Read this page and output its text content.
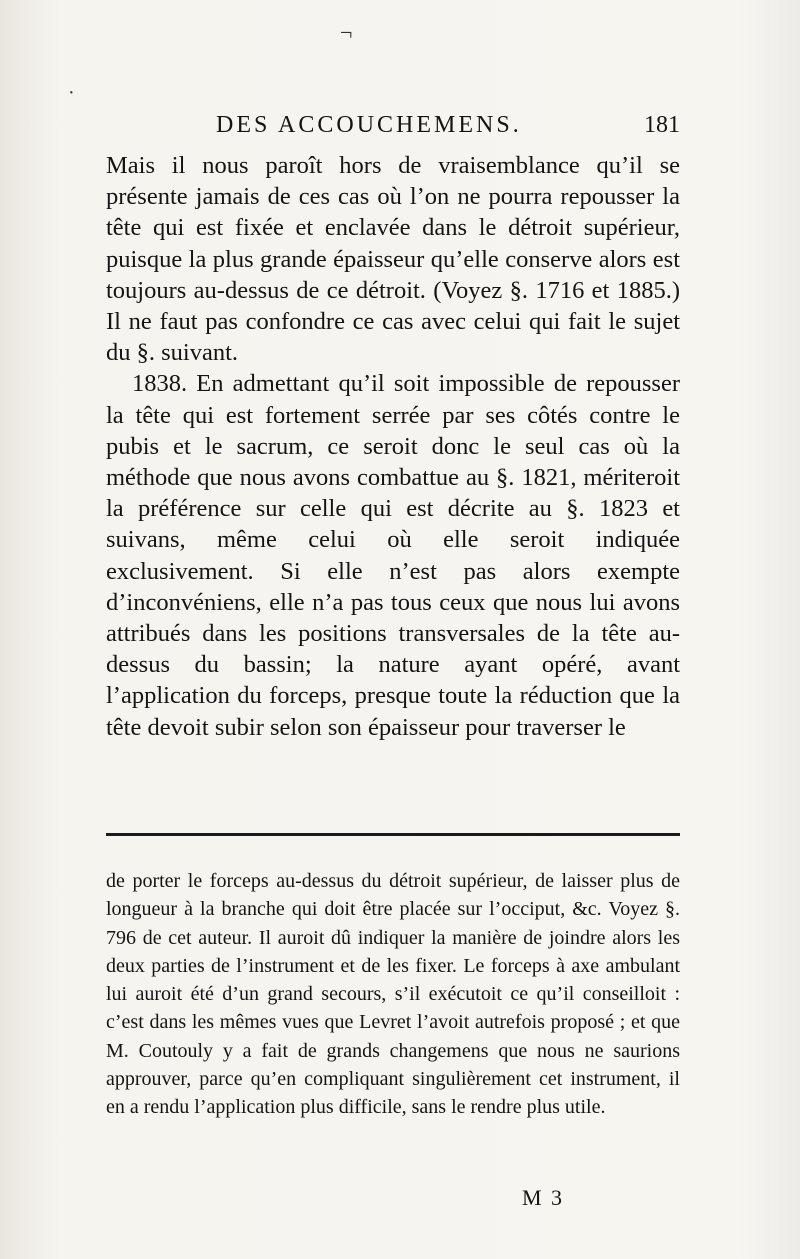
¬
·
DES ACCOUCHEMENS.	181

Mais il nous paroît hors de vraisemblance qu’il se présente jamais de ces cas où l’on ne pourra repousser la tête qui est fixée et enclavée dans le détroit supérieur, puisque la plus grande épaisseur qu’elle conserve alors est toujours au-dessus de ce détroit. (Voyez §. 1716 et 1885.) Il ne faut pas confondre ce cas avec celui qui fait le sujet du §. suivant.

1838. En admettant qu’il soit impossible de repousser la tête qui est fortement serrée par ses côtés contre le pubis et le sacrum, ce seroit donc le seul cas où la méthode que nous avons combattue au §. 1821, mériteroit la préférence sur celle qui est décrite au §. 1823 et suivans, même celui où elle seroit indiquée exclusivement. Si elle n’est pas alors exempte d’inconvéniens, elle n’a pas tous ceux que nous lui avons attribués dans les positions transversales de la tête au-dessus du bassin; la nature ayant opéré, avant l’application du forceps, presque toute la réduction que la tête devoit subir selon son épaisseur pour traverser le

de porter le forceps au-dessus du détroit supérieur, de laisser plus de longueur à la branche qui doit être placée sur l’occiput, &c. Voyez §. 796 de cet auteur. Il auroit dû indiquer la manière de joindre alors les deux parties de l’instrument et de les fixer. Le forceps à axe ambulant lui auroit été d’un grand secours, s’il exécutoit ce qu’il conseilloit : c’est dans les mêmes vues que Levret l’avoit autrefois proposé ; et que M. Coutouly y a fait de grands changemens que nous ne saurions approuver, parce qu’en compliquant singulièrement cet instrument, il en a rendu l’application plus difficile, sans le rendre plus utile.

M 3
